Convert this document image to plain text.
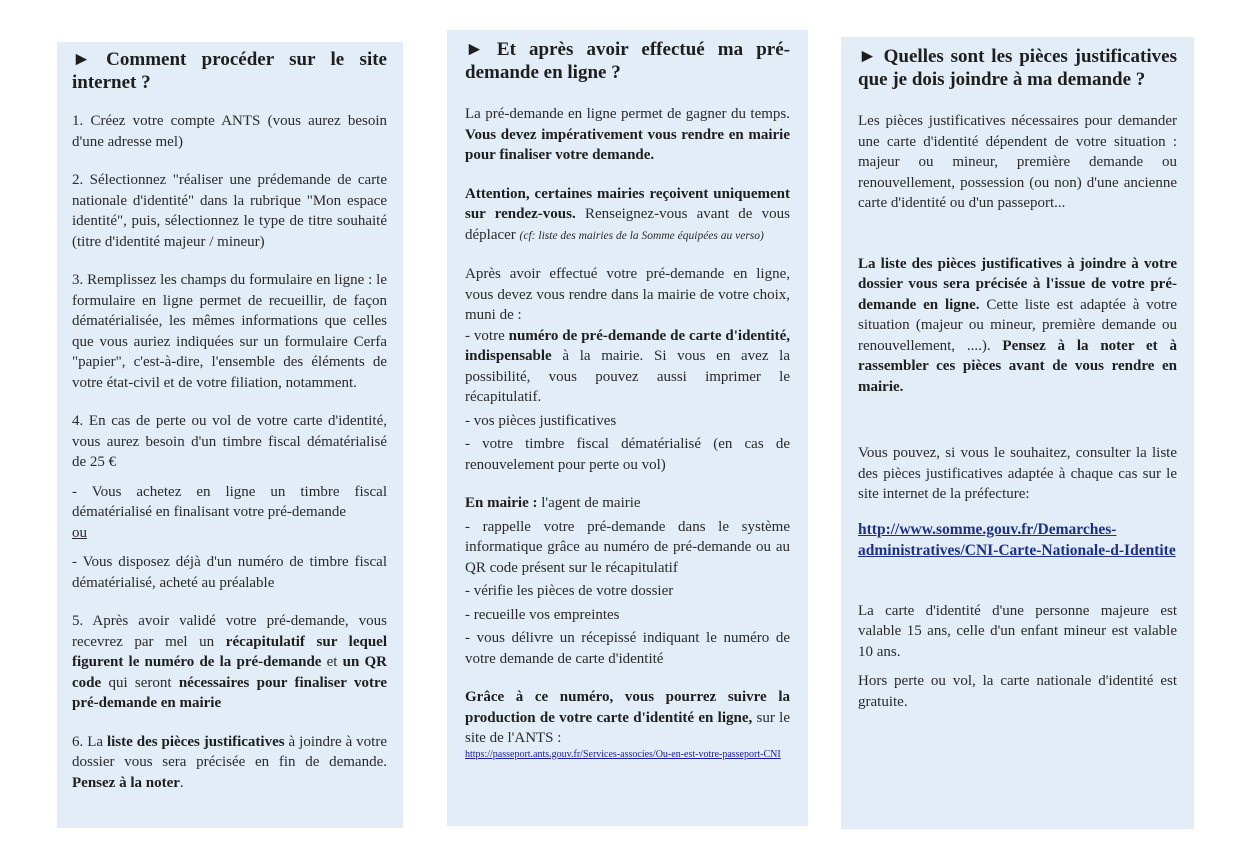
► Comment procéder sur le site internet ?

1. Créez votre compte ANTS (vous aurez besoin d'une adresse mel)

2. Sélectionnez "réaliser une prédemande de carte nationale d'identité" dans la rubrique "Mon espace identité", puis, sélectionnez le type de titre souhaité (titre d'identité majeur / mineur)

3. Remplissez les champs du formulaire en ligne : le formulaire en ligne permet de recueillir, de façon dématérialisée, les mêmes informations que celles que vous auriez indiquées sur un formulaire Cerfa "papier", c'est-à-dire, l'ensemble des éléments de votre état-civil et de votre filiation, notamment.

4. En cas de perte ou vol de votre carte d'identité, vous aurez besoin d'un timbre fiscal dématérialisé de 25 €

- Vous achetez en ligne un timbre fiscal dématérialisé en finalisant votre pré-demande

ou

- Vous disposez déjà d'un numéro de timbre fiscal dématérialisé, acheté au préalable

5. Après avoir validé votre pré-demande, vous recevrez par mel un récapitulatif sur lequel figurent le numéro de la pré-demande et un QR code qui seront nécessaires pour finaliser votre pré-demande en mairie

6. La liste des pièces justificatives à joindre à votre dossier vous sera précisée en fin de demande. Pensez à la noter.

► Et après avoir effectué ma pré-demande en ligne ?

La pré-demande en ligne permet de gagner du temps. Vous devez impérativement vous rendre en mairie pour finaliser votre demande.

Attention, certaines mairies reçoivent uniquement sur rendez-vous. Renseignez-vous avant de vous déplacer (cf: liste des mairies de la Somme équipées au verso)

Après avoir effectué votre pré-demande en ligne, vous devez vous rendre dans la mairie de votre choix, muni de :

- votre numéro de pré-demande de carte d'identité, indispensable à la mairie. Si vous en avez la possibilité, vous pouvez aussi imprimer le récapitulatif.

- vos pièces justificatives

- votre timbre fiscal dématérialisé (en cas de renouvelement pour perte ou vol)

En mairie : l'agent de mairie

- rappelle votre pré-demande dans le système informatique grâce au numéro de pré-demande ou au QR code présent sur le récapitulatif

- vérifie les pièces de votre dossier

- recueille vos empreintes

- vous délivre un récepissé indiquant le numéro de votre demande de carte d'identité

Grâce à ce numéro, vous pourrez suivre la production de votre carte d'identité en ligne, sur le site de l'ANTS :

https://passeport.ants.gouv.fr/Services-associes/Ou-en-est-votre-passeport-CNI
► Quelles sont les pièces justificatives que je dois joindre à ma demande ?

Les pièces justificatives nécessaires pour demander une carte d'identité dépendent de votre situation : majeur ou mineur, première demande ou renouvellement, possession (ou non) d'une ancienne carte d'identité ou d'un passeport...

La liste des pièces justificatives à joindre à votre dossier vous sera précisée à l'issue de votre pré-demande en ligne. Cette liste est adaptée à votre situation (majeur ou mineur, première demande ou renouvellement, ....). Pensez à la noter et à rassembler ces pièces avant de vous rendre en mairie.

Vous pouvez, si vous le souhaitez, consulter la liste des pièces justificatives adaptée à chaque cas sur le site internet de la préfecture:

http://www.somme.gouv.fr/Demarches-administratives/CNI-Carte-Nationale-d-Identite

La carte d'identité d'une personne majeure est valable 15 ans, celle d'un enfant mineur est valable 10 ans.

Hors perte ou vol, la carte nationale d'identité est gratuite.
